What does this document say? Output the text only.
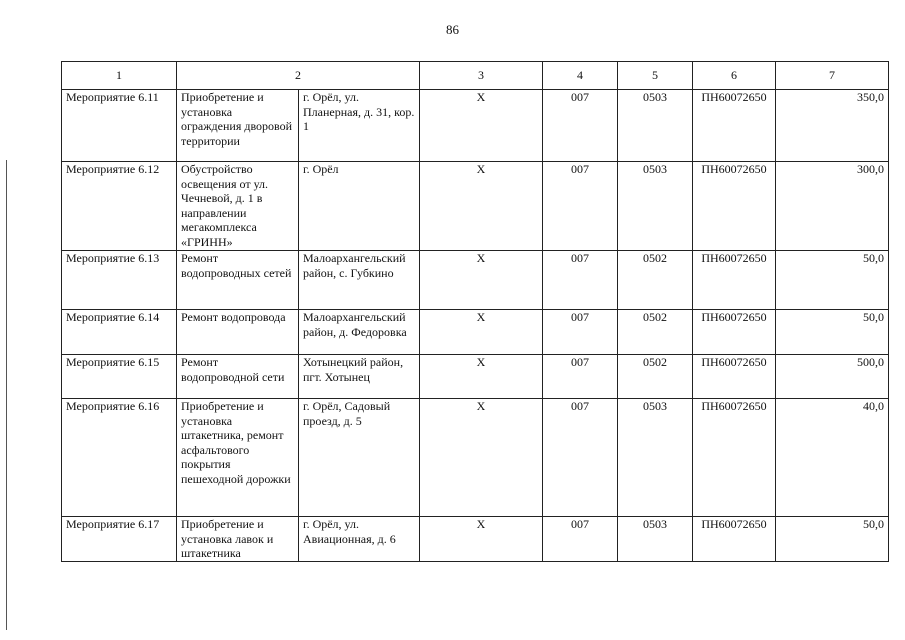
86
1	2		3	4	5	6	7
Мероприятие 6.11	Приобретение и установка ограждения дворовой территории	г. Орёл, ул. Планерная, д. 31, кор. 1	X	007	0503	ПН60072650	350,0
Мероприятие 6.12	Обустройство освещения от ул. Чечневой, д. 1 в направлении мегакомплекса «ГРИНН»	г. Орёл	X	007	0503	ПН60072650	300,0
Мероприятие 6.13	Ремонт водопроводных сетей	Малоархангельский район, с. Губкино	X	007	0502	ПН60072650	50,0
Мероприятие 6.14	Ремонт водопровода	Малоархангельский район, д. Федоровка	X	007	0502	ПН60072650	50,0
Мероприятие 6.15	Ремонт водопроводной сети	Хотынецкий район, пгт. Хотынец	X	007	0502	ПН60072650	500,0
Мероприятие 6.16	Приобретение и установка штакетника, ремонт асфальтового покрытия пешеходной дорожки	г. Орёл, Садовый проезд, д. 5	X	007	0503	ПН60072650	40,0
Мероприятие 6.17	Приобретение и установка лавок и штакетника	г. Орёл, ул. Авиационная, д. 6	X	007	0503	ПН60072650	50,0
